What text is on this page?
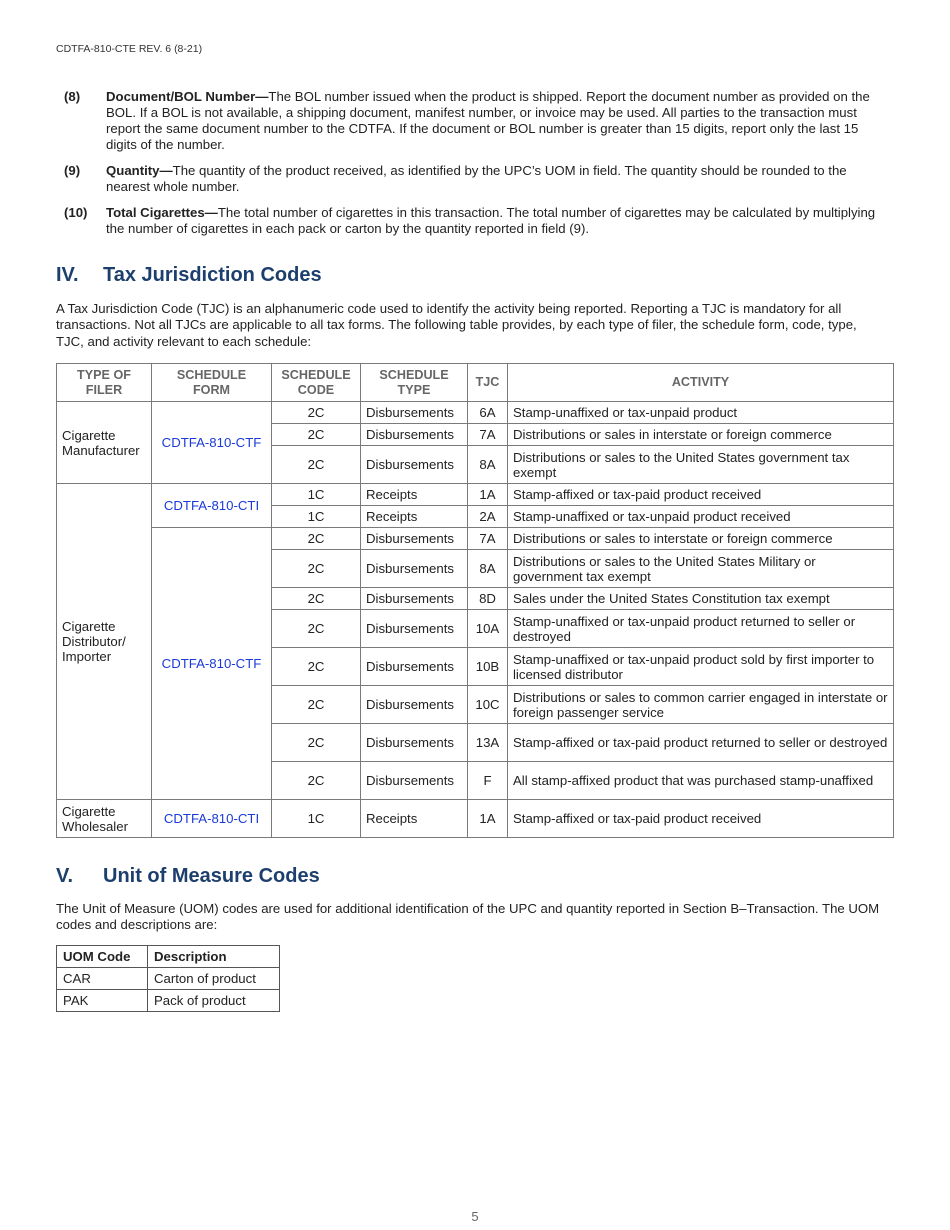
CDTFA-810-CTE REV. 6 (8-21)
(8)	Document/BOL Number—The BOL number issued when the product is shipped. Report the document number as provided on the BOL. If a BOL is not available, a shipping document, manifest number, or invoice may be used. All parties to the transaction must report the same document number to the CDTFA. If the document or BOL number is greater than 15 digits, report only the last 15 digits of the number.
(9)	Quantity—The quantity of the product received, as identified by the UPC’s UOM in field. The quantity should be rounded to the nearest whole number.
(10)	Total Cigarettes—The total number of cigarettes in this transaction. The total number of cigarettes may be calculated by multiplying the number of cigarettes in each pack or carton by the quantity reported in field (9).
IV.	Tax Jurisdiction Codes

A Tax Jurisdiction Code (TJC) is an alphanumeric code used to identify the activity being reported. Reporting a TJC is mandatory for all transactions. Not all TJCs are applicable to all tax forms. The following table provides, by each type of filer, the schedule form, code, type, TJC, and activity relevant to each schedule:

TYPE OF FILER	SCHEDULE FORM	SCHEDULE CODE	SCHEDULE TYPE	TJC	ACTIVITY
Cigarette Manufacturer	CDTFA-810-CTF	2C	Disbursements	6A	Stamp-unaffixed or tax-unpaid product
		2C	Disbursements	7A	Distributions or sales in interstate or foreign commerce
		2C	Disbursements	8A	Distributions or sales to the United States government tax exempt
Cigarette Distributor/ Importer	CDTFA-810-CTI	1C	Receipts	1A	Stamp-affixed or tax-paid product received
		1C	Receipts	2A	Stamp-unaffixed or tax-unpaid product received
	CDTFA-810-CTF	2C	Disbursements	7A	Distributions or sales to interstate or foreign commerce
		2C	Disbursements	8A	Distributions or sales to the United States Military or government tax exempt
		2C	Disbursements	8D	Sales under the United States Constitution tax exempt
		2C	Disbursements	10A	Stamp-unaffixed or tax-unpaid product returned to seller or destroyed
		2C	Disbursements	10B	Stamp-unaffixed or tax-unpaid product sold by first importer to licensed distributor
		2C	Disbursements	10C	Distributions or sales to common carrier engaged in interstate or foreign passenger service
		2C	Disbursements	13A	Stamp-affixed or tax-paid product returned to seller or destroyed
		2C	Disbursements	F	All stamp-affixed product that was purchased stamp-unaffixed
Cigarette Wholesaler	CDTFA-810-CTI	1C	Receipts	1A	Stamp-affixed or tax-paid product received
V.	Unit of Measure Codes

The Unit of Measure (UOM) codes are used for additional identification of the UPC and quantity reported in Section B–Transaction. The UOM codes and descriptions are:

UOM Code	Description
CAR	Carton of product
PAK	Pack of product
5
